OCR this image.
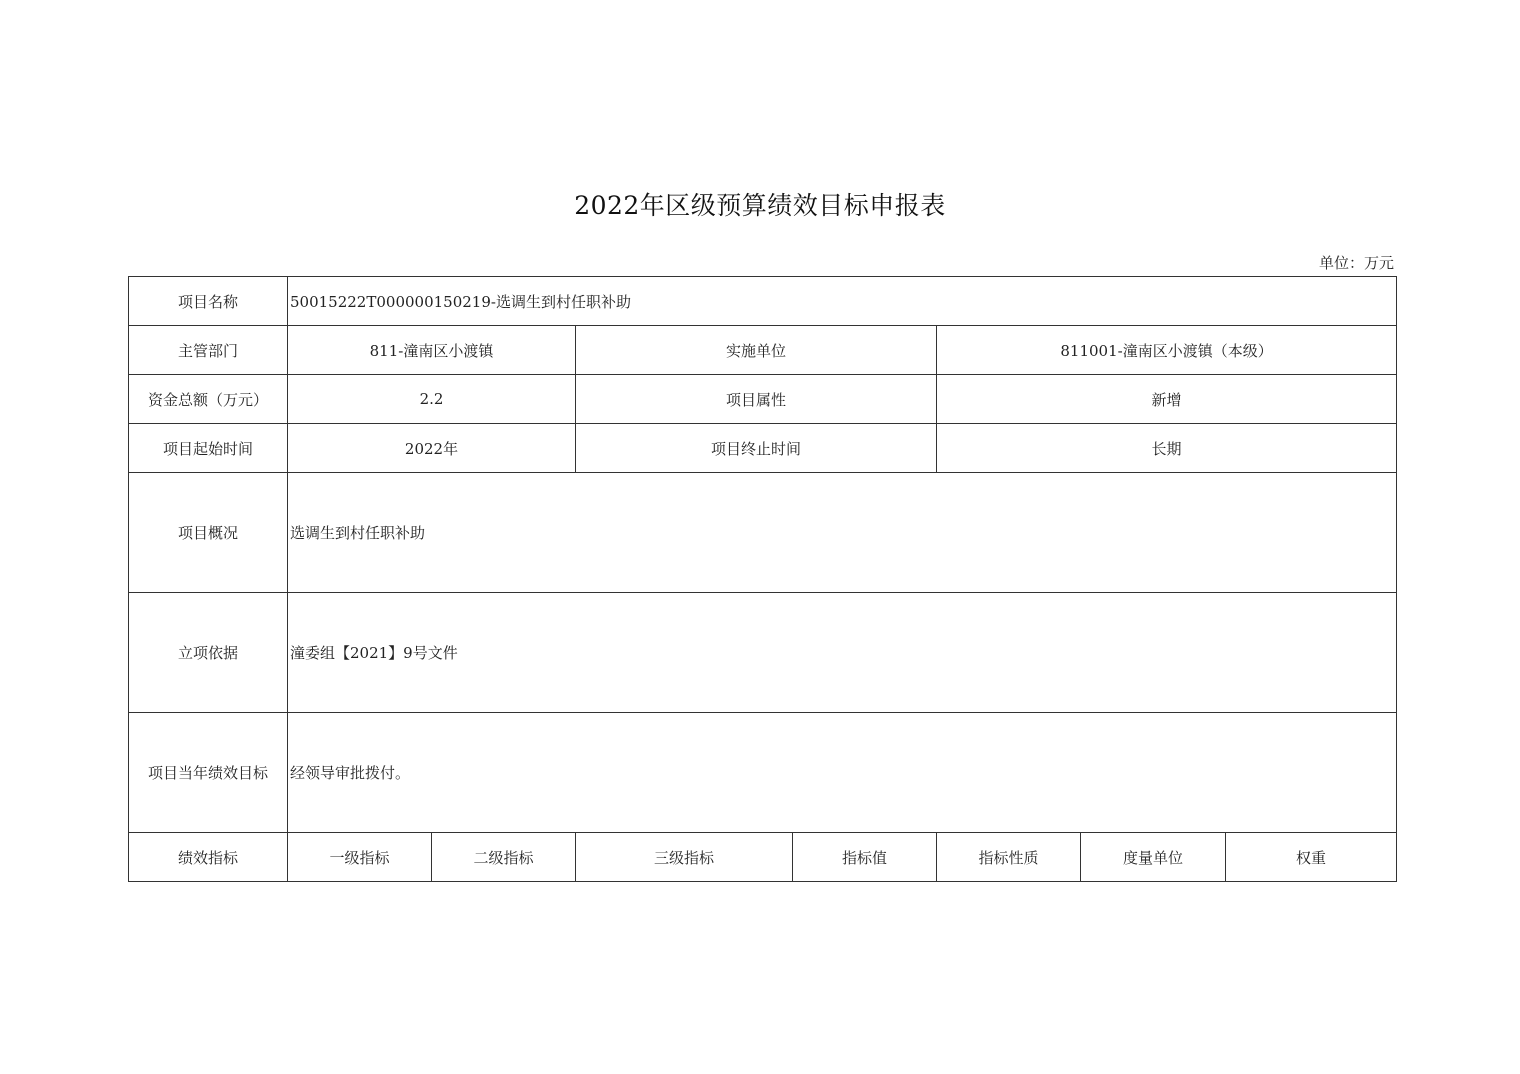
2022年区级预算绩效目标申报表
单位：万元
项目名称	50015222T000000150219-选调生到村任职补助						
主管部门	811-潼南区小渡镇		实施单位		811001-潼南区小渡镇（本级）		
资金总额（万元）	2.2		项目属性		新增		
项目起始时间	2022年		项目终止时间		长期		
项目概况	选调生到村任职补助						
立项依据	潼委组【2021】9号文件						
项目当年绩效目标	经领导审批拨付。						
绩效指标	一级指标	二级指标	三级指标	指标值	指标性质	度量单位	权重
